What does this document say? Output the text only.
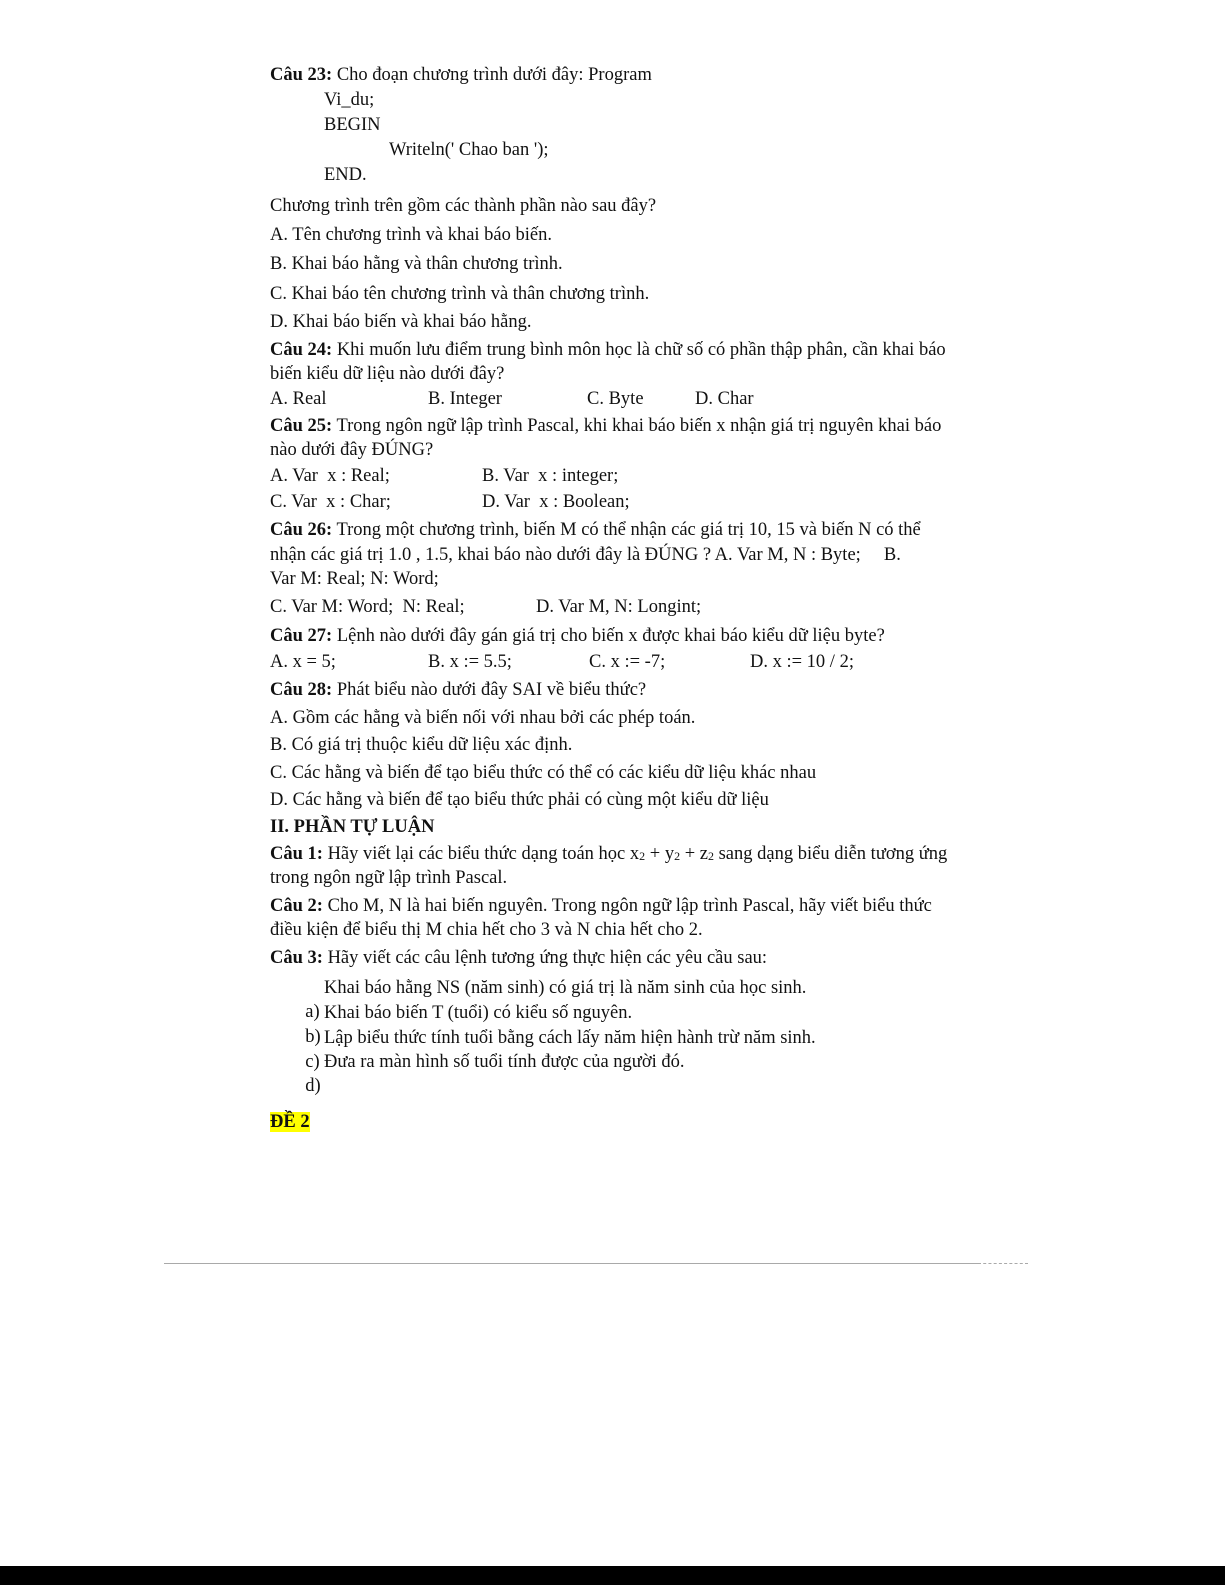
Câu 23: Cho đoạn chương trình dưới đây: Program
Vi_du;
BEGIN
Writeln(' Chao ban ');
END.
Chương trình trên gồm các thành phần nào sau đây?
A. Tên chương trình và khai báo biến.
B. Khai báo hằng và thân chương trình.
C. Khai báo tên chương trình và thân chương trình.
D. Khai báo biến và khai báo hằng.
Câu 24: Khi muốn lưu điểm trung bình môn học là chữ số có phần thập phân, cần khai báo
biến kiểu dữ liệu nào dưới đây?

A. Real

	B. Integer

	C. Byte

	D. Char

Câu 25: Trong ngôn ngữ lập trình Pascal, khi khai báo biến x nhận giá trị nguyên khai báo
nào dưới đây ĐÚNG?

A. Var  x : Real;

	B. Var  x : integer;

C. Var  x : Char;

	D. Var  x : Boolean;

Câu 26: Trong một chương trình, biến M có thể nhận các giá trị 10, 15 và biến N có thể
nhận các giá trị 1.0 , 1.5, khai báo nào dưới đây là ĐÚNG ? A. Var M, N : Byte;     B.
Var M: Real; N: Word;

C. Var M: Word;  N: Real;

	D. Var M, N: Longint;

Câu 27: Lệnh nào dưới đây gán giá trị cho biến x được khai báo kiểu dữ liệu byte?

A. x = 5;

	B. x := 5.5;

	C. x := -7;

	D. x := 10 / 2;

Câu 28: Phát biểu nào dưới đây SAI về biểu thức?
A. Gồm các hằng và biến nối với nhau bởi các phép toán.
B. Có giá trị thuộc kiểu dữ liệu xác định.
C. Các hằng và biến để tạo biểu thức có thể có các kiểu dữ liệu khác nhau
D. Các hằng và biến để tạo biểu thức phải có cùng một kiểu dữ liệu
II. PHẦN TỰ LUẬN
Câu 1: Hãy viết lại các biểu thức dạng toán học x2 + y2 + z2 sang dạng biểu diễn tương ứng
trong ngôn ngữ lập trình Pascal.
Câu 2: Cho M, N là hai biến nguyên. Trong ngôn ngữ lập trình Pascal, hãy viết biểu thức
điều kiện để biểu thị M chia hết cho 3 và N chia hết cho 2.
Câu 3: Hãy viết các câu lệnh tương ứng thực hiện các yêu cầu sau:

a)
Khai báo hằng NS (năm sinh) có giá trị là năm sinh của học sinh.

b)
Khai báo biến T (tuổi) có kiểu số nguyên.

c)
Lập biểu thức tính tuổi bằng cách lấy năm hiện hành trừ năm sinh.

d)
Đưa ra màn hình số tuổi tính được của người đó.

ĐỀ 2
